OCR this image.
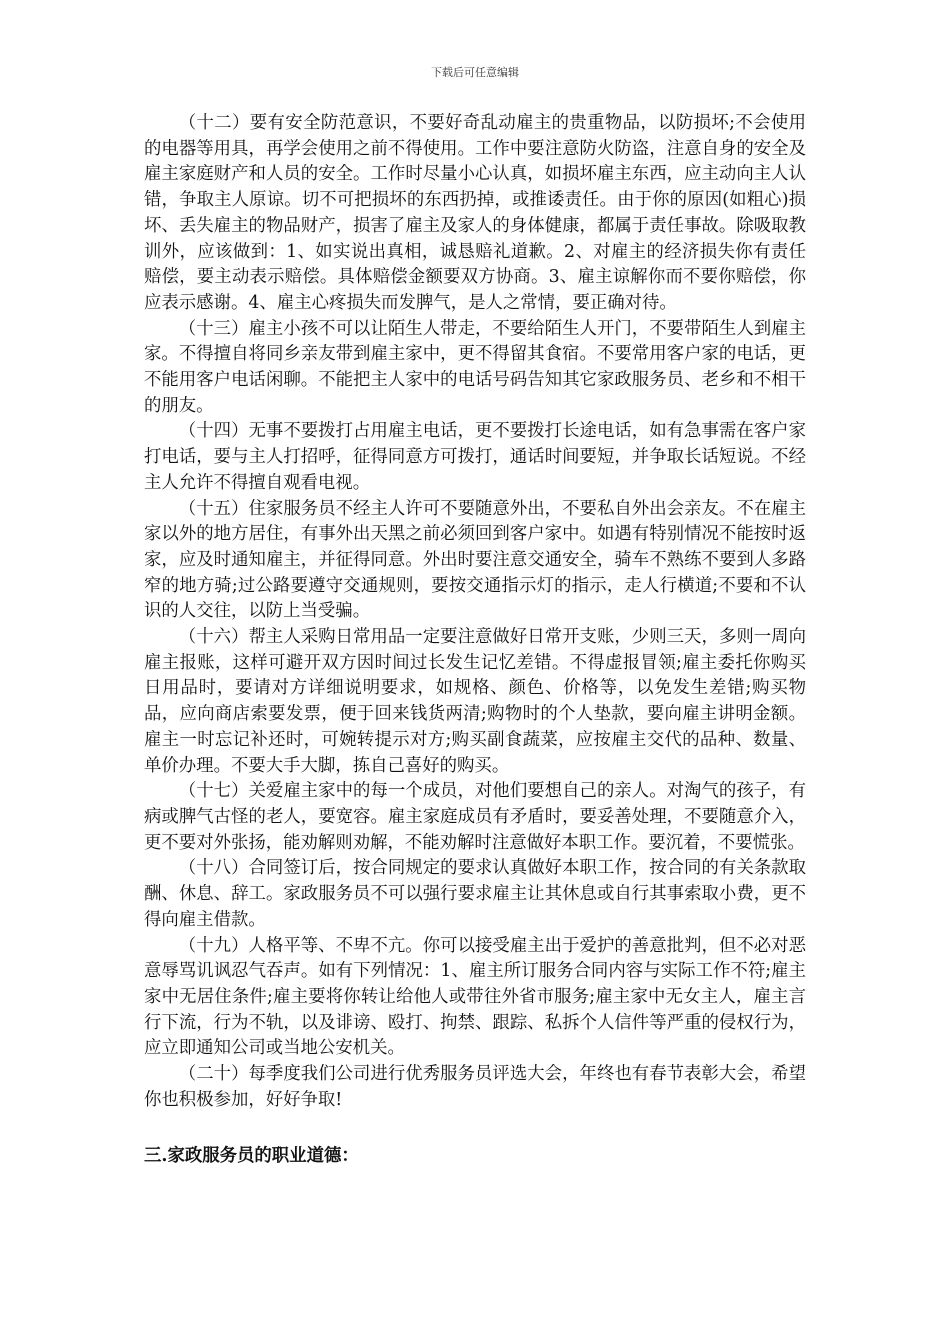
下载后可任意编辑

（十二）要有安全防范意识，不要好奇乱动雇主的贵重物品，以防损坏;不会使用的电器等用具，再学会使用之前不得使用。工作中要注意防火防盗，注意自身的安全及雇主家庭财产和人员的安全。工作时尽量小心认真，如损坏雇主东西，应主动向主人认错，争取主人原谅。切不可把损坏的东西扔掉，或推诿责任。由于你的原因(如粗心)损坏、丢失雇主的物品财产，损害了雇主及家人的身体健康，都属于责任事故。除吸取教训外，应该做到：1、如实说出真相，诚恳赔礼道歉。2、对雇主的经济损失你有责任赔偿，要主动表示赔偿。具体赔偿金额要双方协商。3、雇主谅解你而不要你赔偿，你应表示感谢。4、雇主心疼损失而发脾气，是人之常情，要正确对待。

（十三）雇主小孩不可以让陌生人带走，不要给陌生人开门，不要带陌生人到雇主家。不得擅自将同乡亲友带到雇主家中，更不得留其食宿。不要常用客户家的电话，更不能用客户电话闲聊。不能把主人家中的电话号码告知其它家政服务员、老乡和不相干的朋友。

（十四）无事不要拨打占用雇主电话，更不要拨打长途电话，如有急事需在客户家打电话，要与主人打招呼，征得同意方可拨打，通话时间要短，并争取长话短说。不经主人允许不得擅自观看电视。

（十五）住家服务员不经主人许可不要随意外出，不要私自外出会亲友。不在雇主家以外的地方居住，有事外出天黑之前必须回到客户家中。如遇有特别情况不能按时返家，应及时通知雇主，并征得同意。外出时要注意交通安全，骑车不熟练不要到人多路窄的地方骑;过公路要遵守交通规则，要按交通指示灯的指示，走人行横道;不要和不认识的人交往，以防上当受骗。

（十六）帮主人采购日常用品一定要注意做好日常开支账，少则三天，多则一周向雇主报账，这样可避开双方因时间过长发生记忆差错。不得虚报冒领;雇主委托你购买日用品时，要请对方详细说明要求，如规格、颜色、价格等，以免发生差错;购买物品，应向商店索要发票，便于回来钱货两清;购物时的个人垫款，要向雇主讲明金额。雇主一时忘记补还时，可婉转提示对方;购买副食蔬菜，应按雇主交代的品种、数量、单价办理。不要大手大脚，拣自己喜好的购买。

（十七）关爱雇主家中的每一个成员，对他们要想自己的亲人。对淘气的孩子，有病或脾气古怪的老人，要宽容。雇主家庭成员有矛盾时，要妥善处理，不要随意介入，更不要对外张扬，能劝解则劝解，不能劝解时注意做好本职工作。要沉着，不要慌张。

（十八）合同签订后，按合同规定的要求认真做好本职工作，按合同的有关条款取酬、休息、辞工。家政服务员不可以强行要求雇主让其休息或自行其事索取小费，更不得向雇主借款。

（十九）人格平等、不卑不亢。你可以接受雇主出于爱护的善意批判，但不必对恶意辱骂讥讽忍气吞声。如有下列情况：1、雇主所订服务合同内容与实际工作不符;雇主家中无居住条件;雇主要将你转让给他人或带往外省市服务;雇主家中无女主人，雇主言行下流，行为不轨，以及诽谤、殴打、拘禁、跟踪、私拆个人信件等严重的侵权行为，应立即通知公司或当地公安机关。

（二十）每季度我们公司进行优秀服务员评选大会，年终也有春节表彰大会，希望你也积极参加，好好争取!

三.家政服务员的职业道德：
